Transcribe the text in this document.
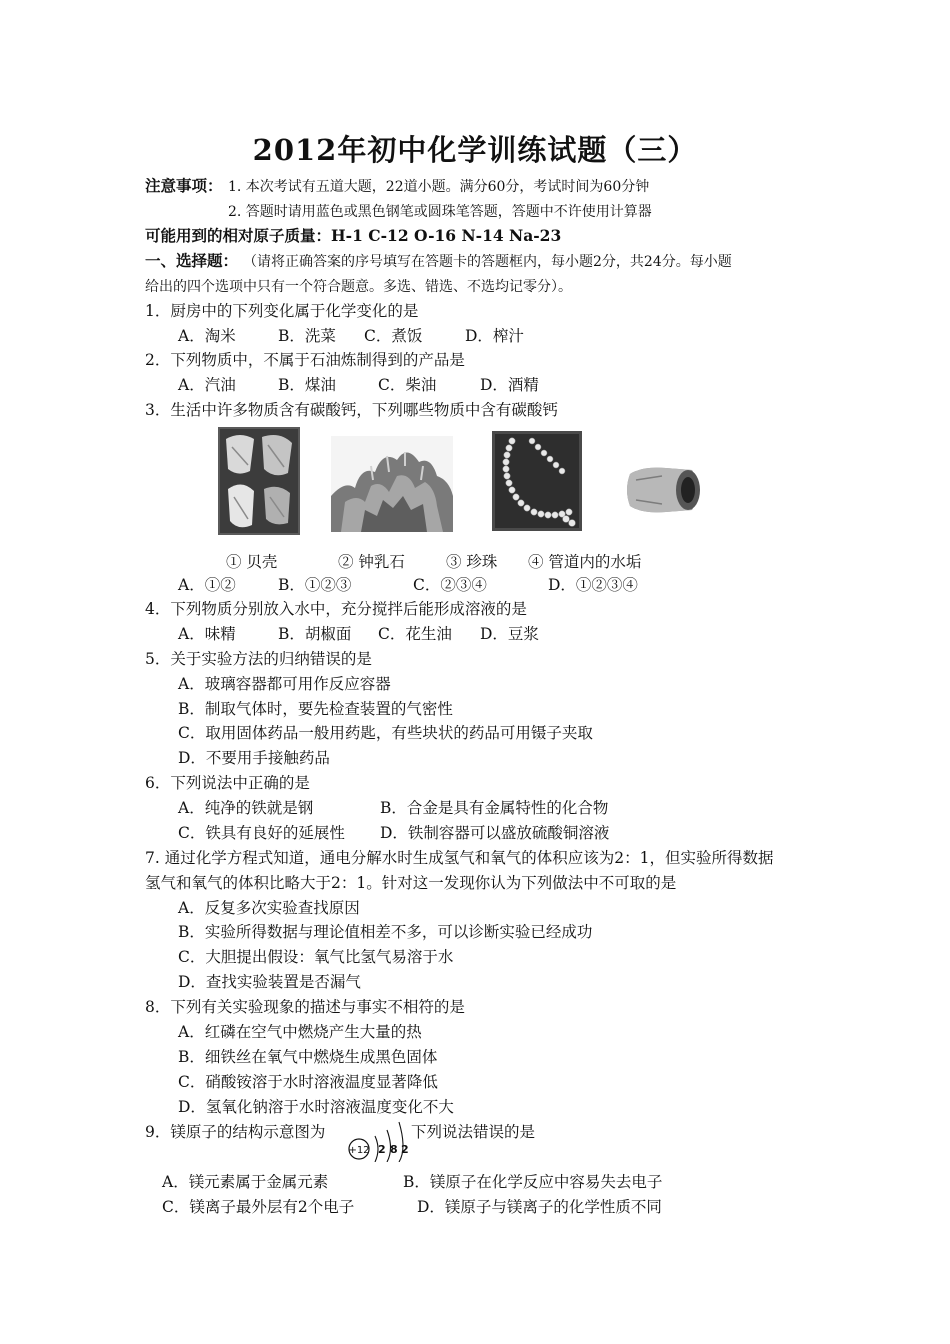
2012年初中化学训练试题（三）
注意事项： 1. 本次考试有五道大题，22道小题。满分60分，考试时间为60分钟
2. 答题时请用蓝色或黑色钢笔或圆珠笔答题，答题中不许使用计算器
可能用到的相对原子质量：H-1 C-12 O-16 N-14 Na-23
一、选择题： （请将正确答案的序号填写在答题卡的答题框内，每小题2分，共24分。每小题
给出的四个选项中只有一个符合题意。多选、错选、不选均记零分）。
1．厨房中的下列变化属于化学变化的是
A．淘米	B．洗菜 C．煮饭	D．榨汁
2．下列物质中，不属于石油炼制得到的产品是
A．汽油	B．煤油	C．柴油	D．酒精
3．生活中许多物质含有碳酸钙，下列哪些物质中含有碳酸钙
① 贝壳	② 钟乳石	③ 珍珠 ④ 管道内的水垢
A．①②	B．①②③	C．②③④	D．①②③④
4．下列物质分别放入水中，充分搅拌后能形成溶液的是
A．味精	B．胡椒面 C．花生油 D．豆浆
5．关于实验方法的归纳错误的是
A．玻璃容器都可用作反应容器
B．制取气体时，要先检查装置的气密性
C．取用固体药品一般用药匙，有些块状的药品可用镊子夹取
D．不要用手接触药品
6．下列说法中正确的是
A．纯净的铁就是钢	B．合金是具有金属特性的化合物
C．铁具有良好的延展性 D．铁制容器可以盛放硫酸铜溶液
7. 通过化学方程式知道，通电分解水时生成氢气和氧气的体积应该为2：1，但实验所得数据
氢气和氧气的体积比略大于2：1。针对这一发现你认为下列做法中不可取的是
A．反复多次实验查找原因
B．实验所得数据与理论值相差不多，可以诊断实验已经成功
C．大胆提出假设：氧气比氢气易溶于水
D．查找实验装置是否漏气
8．下列有关实验现象的描述与事实不相符的是
A．红磷在空气中燃烧产生大量的热
B．细铁丝在氧气中燃烧生成黑色固体
C．硝酸铵溶于水时溶液温度显著降低
D．氢氧化钠溶于水时溶液温度变化不大
9．镁原子的结构示意图为
+12 2 8 2
下列说法错误的是
A．镁元素属于金属元素	B．镁原子在化学反应中容易失去电子
C．镁离子最外层有2个电子	D．镁原子与镁离子的化学性质不同
